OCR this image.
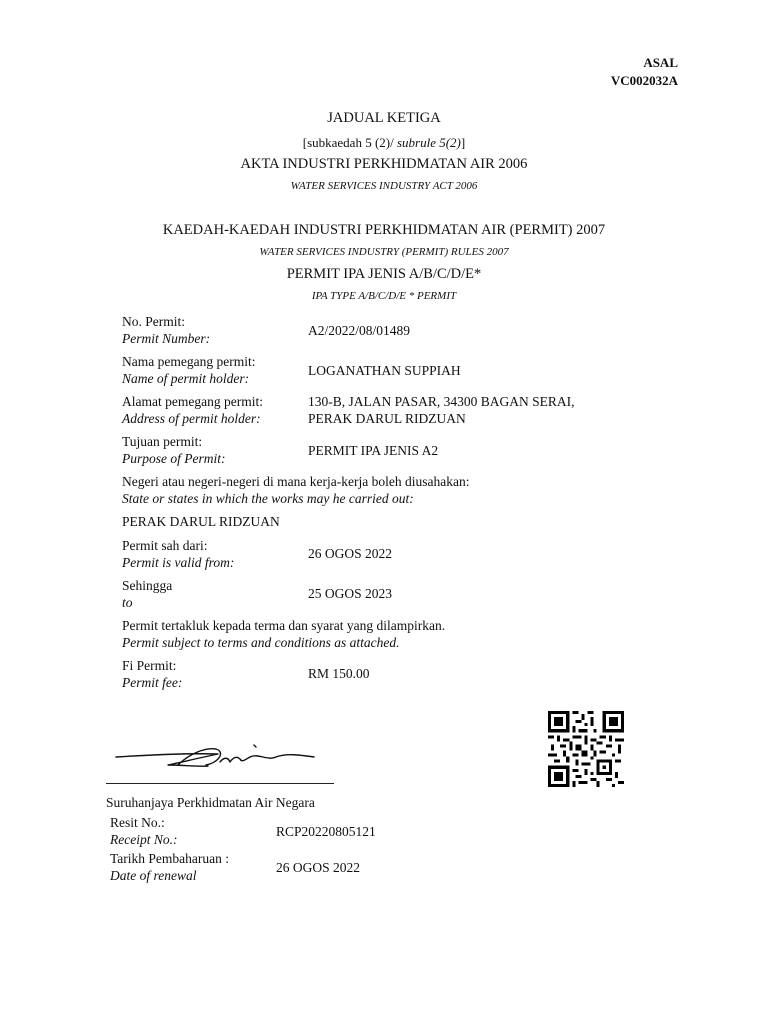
ASAL
VC002032A
JADUAL KETIGA
[subkaedah 5 (2)/ subrule 5(2)]
AKTA INDUSTRI PERKHIDMATAN AIR 2006
WATER SERVICES INDUSTRY ACT 2006
KAEDAH-KAEDAH INDUSTRI PERKHIDMATAN AIR (PERMIT) 2007
WATER SERVICES INDUSTRY (PERMIT) RULES 2007
PERMIT IPA JENIS A/B/C/D/E*
IPA TYPE A/B/C/D/E * PERMIT
No. Permit:
Permit Number:
A2/2022/08/01489
Nama pemegang permit:
Name of permit holder:
LOGANATHAN SUPPIAH
Alamat pemegang permit:
Address of permit holder:
130-B, JALAN PASAR, 34300 BAGAN SERAI,
PERAK DARUL RIDZUAN
Tujuan permit:
Purpose of Permit:
PERMIT IPA JENIS A2
Negeri atau negeri-negeri di mana kerja-kerja boleh diusahakan:
State or states in which the works may he carried out:
PERAK DARUL RIDZUAN
Permit sah dari:
Permit is valid from:
26 OGOS 2022
Sehingga
to
25 OGOS 2023
Permit tertakluk kepada terma dan syarat yang dilampirkan.
Permit subject to terms and conditions as attached.
Fi Permit:
Permit fee:
RM 150.00
Suruhanjaya Perkhidmatan Air Negara
Resit No.:
Receipt No.:
RCP20220805121
Tarikh Pembaharuan :
Date of renewal
26 OGOS 2022
